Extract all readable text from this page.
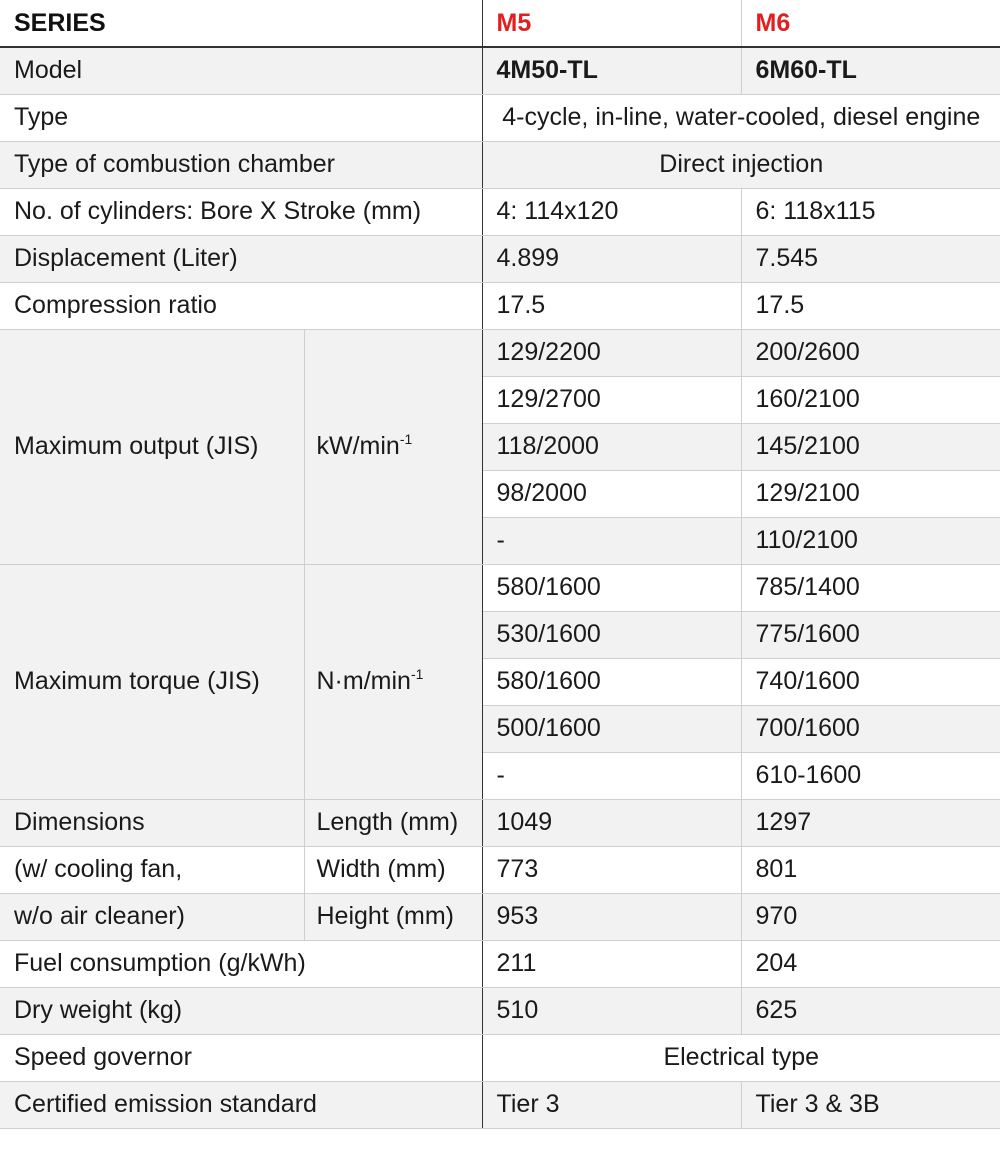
SERIES		M5	M6
Model		4M50-TL	6M60-TL
Type		4-cycle, in-line, water-cooled, diesel engine	
Type of combustion chamber		Direct injection	
No. of cylinders: Bore X Stroke (mm)		4: 114x120	6: 118x115
Displacement (Liter)		4.899	7.545
Compression ratio		17.5	17.5
Maximum output (JIS)	$kW/\min^{-1}$	129/2200	200/2600
		129/2700	160/2100
		118/2000	145/2100
		98/2000	129/2100
		-	110/2100
Maximum torque (JIS)	$N\cdot m/\min^{-1}$	580/1600	785/1400
		530/1600	775/1600
		580/1600	740/1600
		500/1600	700/1600
		-	610-1600
Dimensions	Length (mm)	1049	1297
(w/ cooling fan,	Width (mm)	773	801
w/o air cleaner)	Height (mm)	953	970
Fuel consumption (g/kWh)		211	204
Dry weight (kg)		510	625
Speed governor		Electrical type	
Certified emission standard		Tier 3	Tier 3 & 3B
